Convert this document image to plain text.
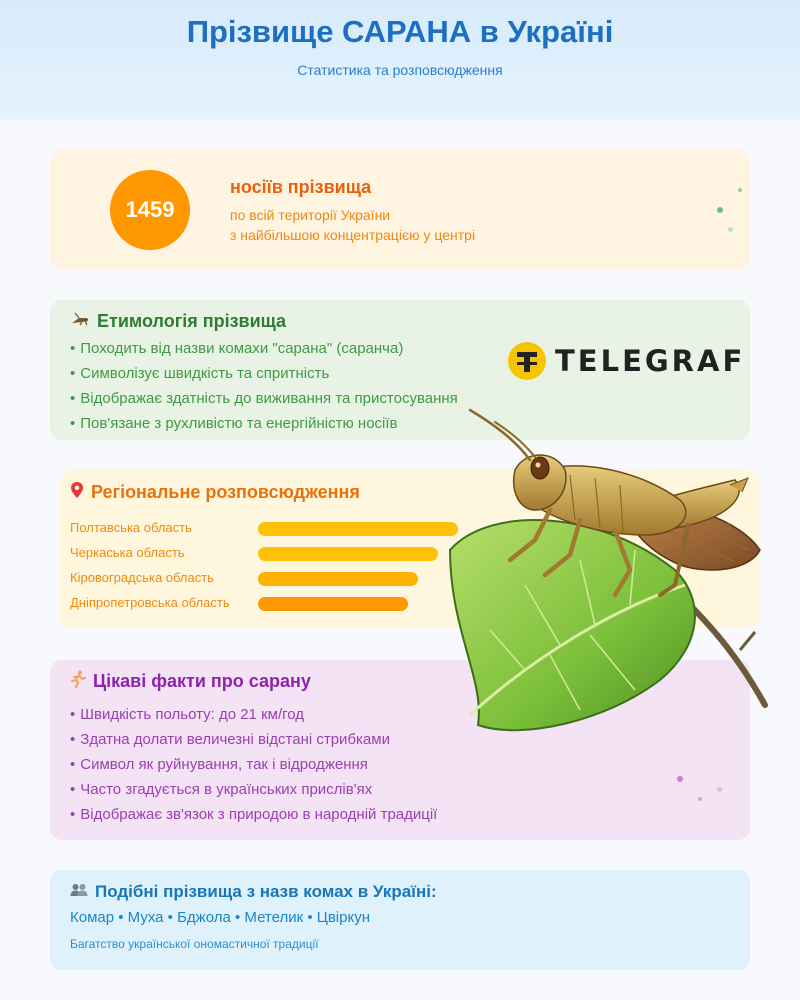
Прізвище САРАНА в Україні
Статистика та розповсюдження
1459
носіїв прізвища
по всій території України
з найбільшою концентрацією у центрі
Етимологія прізвища
• Походить від назви комахи "сарана" (саранча)
• Символізує швидкість та спритність
• Відображає здатність до виживання та пристосування
• Пов'язане з рухливістю та енергійністю носіїв
TELEGRAF
Регіональне розповсюдження
Полтавська область
Черкаська область
Кіровоградська область
Дніпропетровська область
Цікаві факти про сарану
• Швидкість польоту: до 21 км/год
• Здатна долати величезні відстані стрибками
• Символ як руйнування, так і відродження
• Часто згадується в українських прислів'ях
• Відображає зв'язок з природою в народній традиції
Подібні прізвища з назв комах в Україні:
Комар • Муха • Бджола • Метелик • Цвіркун
Багатство української ономастичної традиції
